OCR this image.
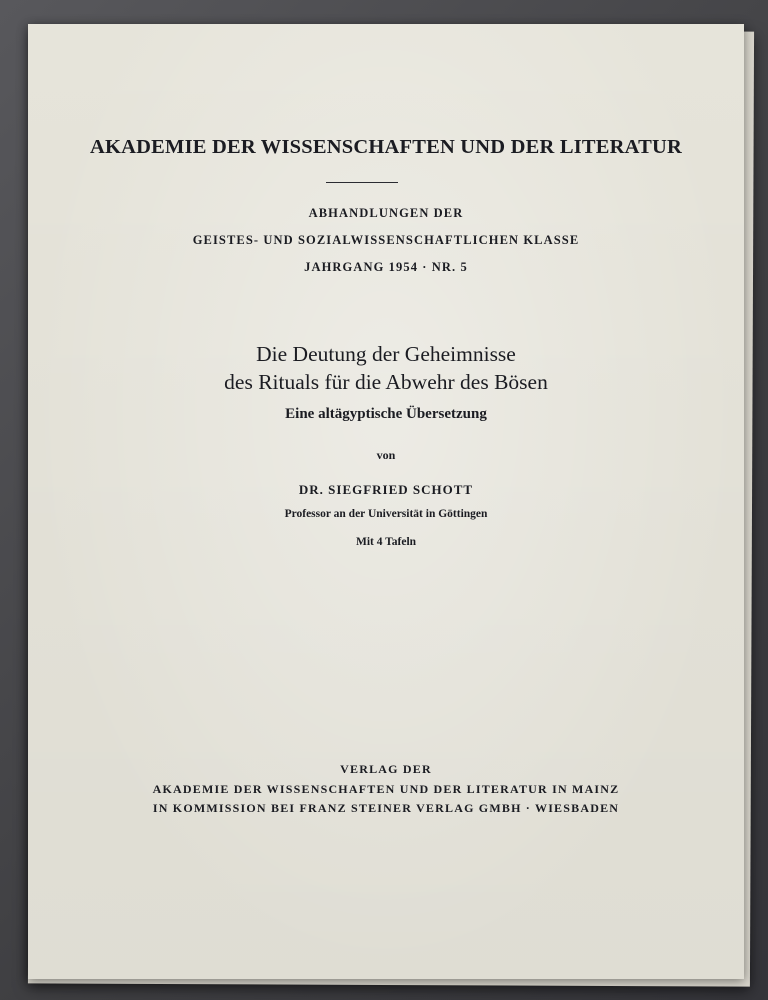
AKADEMIE DER WISSENSCHAFTEN UND DER LITERATUR
ABHANDLUNGEN DER
GEISTES- UND SOZIALWISSENSCHAFTLICHEN KLASSE
JAHRGANG 1954 · NR. 5
Die Deutung der Geheimnisse
des Rituals für die Abwehr des Bösen
Eine altägyptische Übersetzung
von
DR. SIEGFRIED SCHOTT
Professor an der Universität in Göttingen
Mit 4 Tafeln
VERLAG DER
AKADEMIE DER WISSENSCHAFTEN UND DER LITERATUR IN MAINZ
IN KOMMISSION BEI FRANZ STEINER VERLAG GMBH · WIESBADEN
